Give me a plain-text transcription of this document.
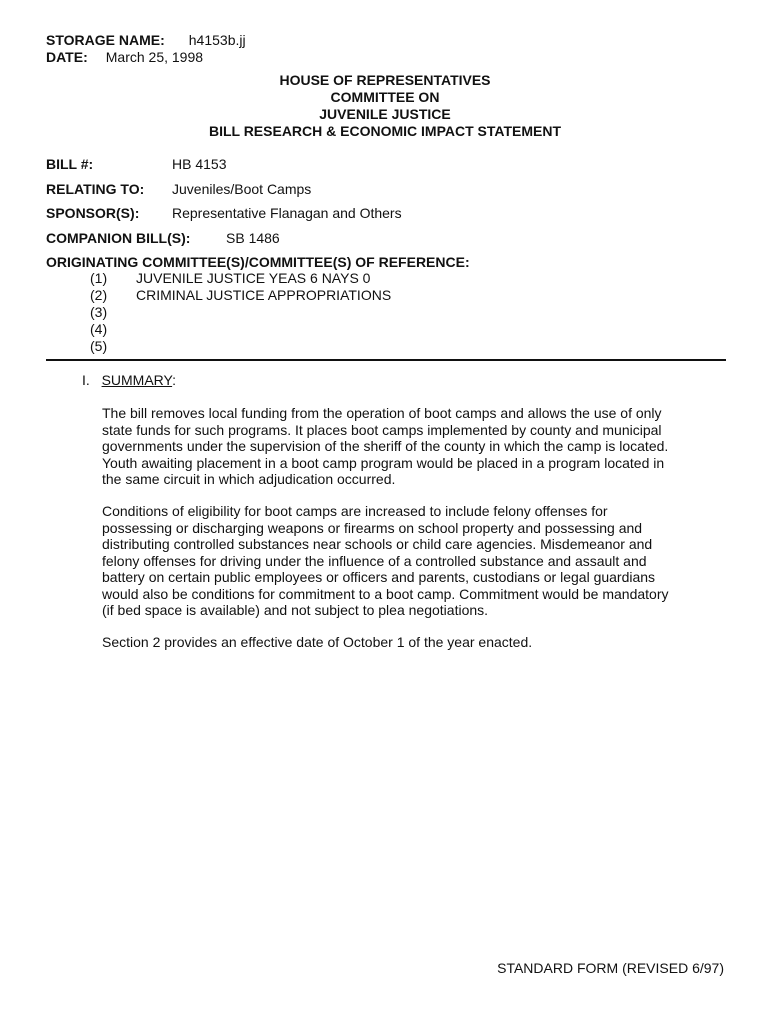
STORAGE NAME: h4153b.jj
DATE: March 25, 1998
HOUSE OF REPRESENTATIVES
COMMITTEE ON
JUVENILE JUSTICE
BILL RESEARCH & ECONOMIC IMPACT STATEMENT
BILL #:	HB 4153
RELATING TO: Juveniles/Boot Camps
SPONSOR(S): Representative Flanagan and Others
COMPANION BILL(S):	SB 1486
ORIGINATING COMMITTEE(S)/COMMITTEE(S) OF REFERENCE:
(1) JUVENILE JUSTICE YEAS 6 NAYS 0
(2) CRIMINAL JUSTICE APPROPRIATIONS
(3)
(4)
(5)
I. SUMMARY:
The bill removes local funding from the operation of boot camps and allows the use of only
state funds for such programs. It places boot camps implemented by county and municipal
governments under the supervision of the sheriff of the county in which the camp is located.
Youth awaiting placement in a boot camp program would be placed in a program located in
the same circuit in which adjudication occurred.
Conditions of eligibility for boot camps are increased to include felony offenses for
possessing or discharging weapons or firearms on school property and possessing and
distributing controlled substances near schools or child care agencies. Misdemeanor and
felony offenses for driving under the influence of a controlled substance and assault and
battery on certain public employees or officers and parents, custodians or legal guardians
would also be conditions for commitment to a boot camp. Commitment would be mandatory
(if bed space is available) and not subject to plea negotiations.
Section 2 provides an effective date of October 1 of the year enacted.
STANDARD FORM (REVISED 6/97)
